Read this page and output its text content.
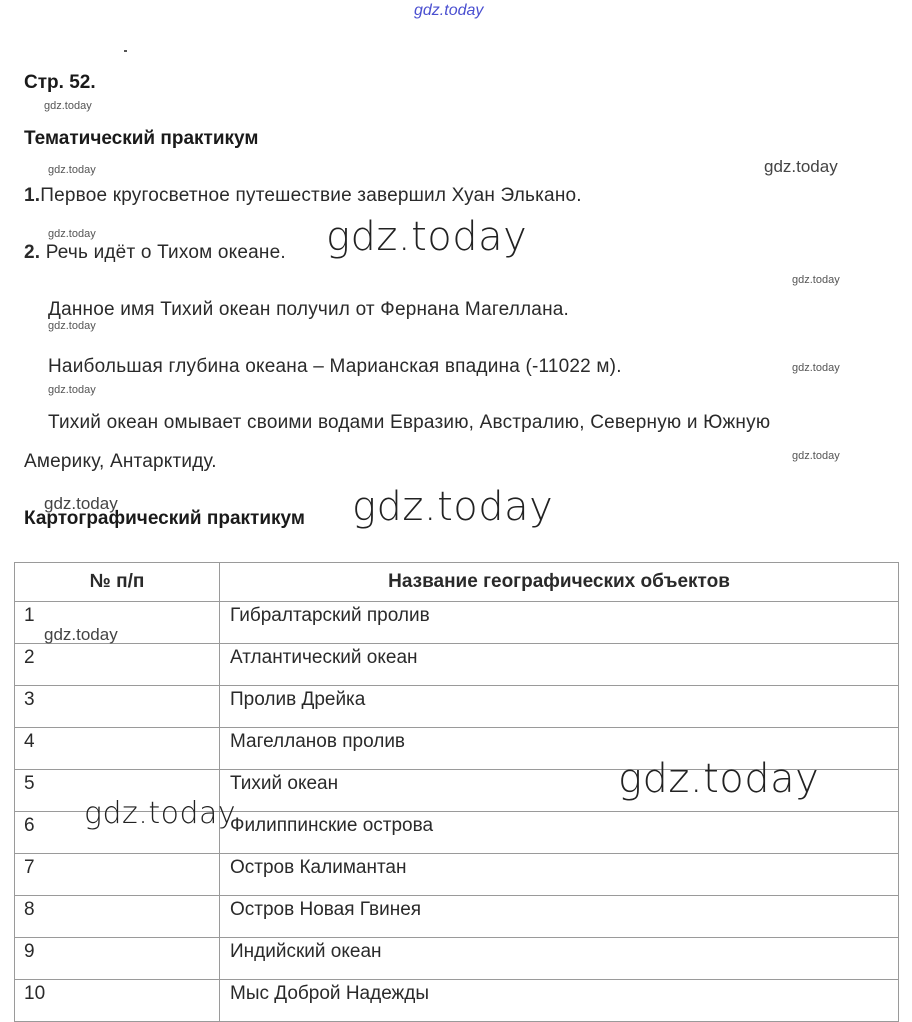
gdz.today
gdz.today
gdz.today	gdz.today
gdz.today	gdz.today
gdz.today
gdz.today
gdz.today
gdz.today
gdz.today
gdz.today	gdz.today
Стр. 52.
Тематический практикум
1.Первое кругосветное путешествие завершил Хуан Элькано.
2. Речь идёт о Тихом океане.
Данное имя Тихий океан получил от Фернана Магеллана.
Наибольшая глубина океана – Марианская впадина (-11022 м).
Тихий океан омывает своими водами Евразию, Австралию, Северную и Южную
Америку, Антарктиду.
Картографический практикум
№ п/п	Название географических объектов
1	Гибралтарский пролив
2	Атлантический океан
3	Пролив Дрейка
4	Магелланов пролив
5	Тихий океан
6	Филиппинские острова
7	Остров Калимантан
8	Остров Новая Гвинея
9	Индийский океан
10	Мыс Доброй Надежды
gdz.today
gdz.today
gdz.today
